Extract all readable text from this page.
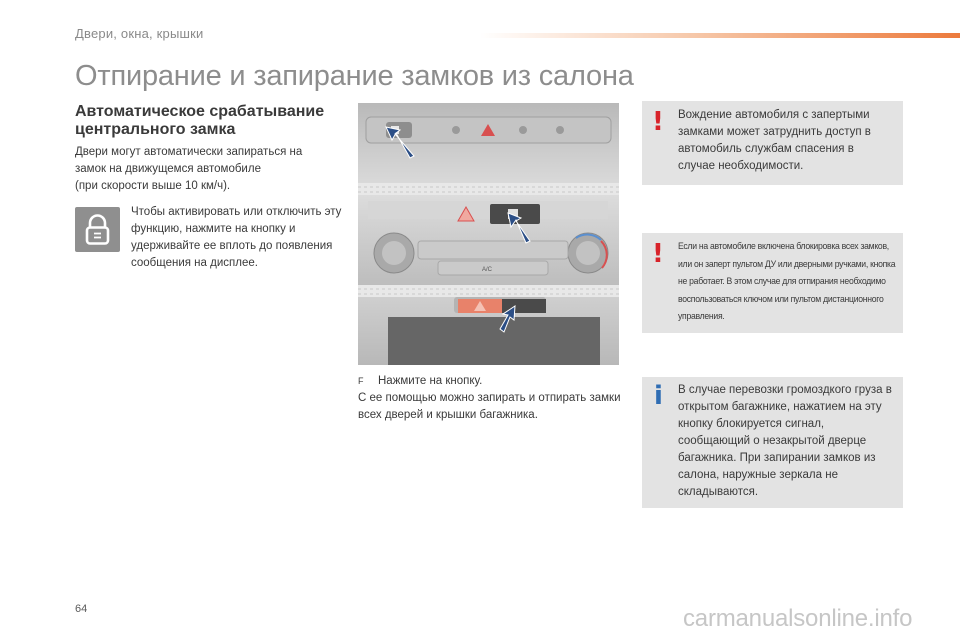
Двери, окна, крышки
Отпирание и запирание замков из салона
Автоматическое срабатывание центрального замка
Двери могут автоматически запираться на
замок на движущемся автомобиле
(при скорости выше 10 км/ч).
Чтобы активировать или отключить эту функцию, нажмите на кнопку и удерживайте ее вплоть до появления сообщения на дисплее.
A/C
F Нажмите на кнопку.
С ее помощью можно запирать и отпирать замки всех дверей и крышки багажника.
! Вождение автомобиля с запертыми замками может затруднить доступ в автомобиль службам спасения в случае необходимости.
! Если на автомобиле включена блокировка всех замков, или он заперт пультом ДУ или дверными ручками, кнопка не работает. В этом случае для отпирания необходимо воспользоваться ключом или пультом дистанционного управления.
i В случае перевозки громоздкого груза в открытом багажнике, нажатием на эту кнопку блокируется сигнал, сообщающий о незакрытой дверце багажника. При запирании замков из салона, наружные зеркала не складываются.
64	carmanualsonline.info
